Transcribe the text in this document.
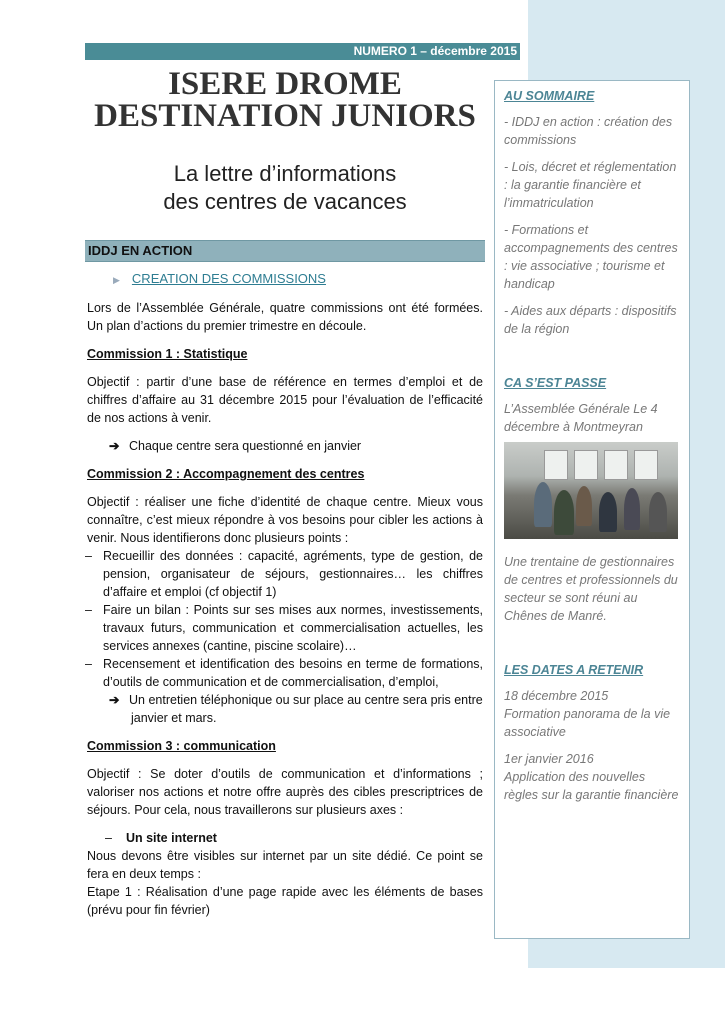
NUMERO 1 – décembre 2015
ISERE DROME
DESTINATION JUNIORS
La lettre d’informations
des centres de vacances
IDDJ EN ACTION
▶ CREATION DES COMMISSIONS

Lors de l’Assemblée Générale, quatre commissions ont été formées. Un plan d’actions du premier trimestre en découle.

Commission 1 : Statistique

Objectif : partir d’une base de référence en termes d’emploi et de chiffres d’affaire au 31 décembre 2015 pour l’évaluation de l’efficacité de nos actions à venir.

➔ Chaque centre sera questionné en janvier
Commission 2 : Accompagnement des centres

Objectif : réaliser une fiche d’identité de chaque centre. Mieux vous connaître, c’est mieux répondre à vos besoins pour cibler les actions à venir. Nous identifierons donc plusieurs points :

– Recueillir des données : capacité, agréments, type de gestion, de pension, organisateur de séjours, gestionnaires… les chiffres d’affaire et emploi (cf objectif 1)
– Faire un bilan : Points sur ses mises aux normes, investissements, travaux futurs, communication et commercialisation actuelles, les services annexes (cantine, piscine scolaire)…
– Recensement et identification des besoins en terme de formations, d’outils de communication et de commercialisation, d’emploi,
➔ Un entretien téléphonique ou sur place au centre sera pris entre janvier et mars.
Commission 3 : communication

Objectif : Se doter d’outils de communication et d’informations ; valoriser nos actions et notre offre auprès des cibles prescriptrices de séjours. Pour cela, nous travaillerons sur plusieurs axes :

– Un site internet

Nous devons être visibles sur internet par un site dédié. Ce point se fera en deux temps :

Etape 1 : Réalisation d’une page rapide avec les éléments de bases (prévu pour fin février)

AU SOMMAIRE

- IDDJ en action : création des commissions

- Lois, décret et réglementation : la garantie financière et l’immatriculation

- Formations et accompagnements des centres : vie associative ; tourisme et handicap

- Aides aux départs : dispositifs de la région

CA S’EST PASSE

L’Assemblée Générale Le 4 décembre à Montmeyran

Une trentaine de gestionnaires de centres et professionnels du secteur se sont réuni au Chênes de Manré.

LES DATES A RETENIR

18 décembre 2015
Formation panorama de la vie associative

1er janvier 2016
Application des nouvelles règles sur la garantie financière
